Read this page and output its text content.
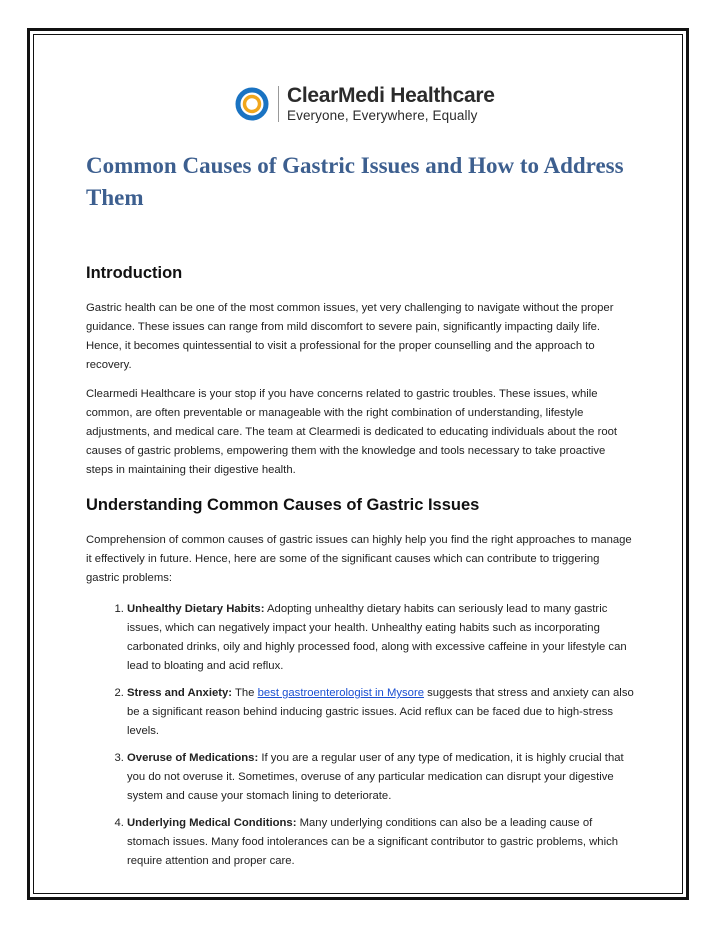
ClearMedi Healthcare
Everyone, Everywhere, Equally
Common Causes of Gastric Issues and How to Address Them
Introduction

Gastric health can be one of the most common issues, yet very challenging to navigate without the proper guidance. These issues can range from mild discomfort to severe pain, significantly impacting daily life. Hence, it becomes quintessential to visit a professional for the proper counselling and the approach to recovery.

Clearmedi Healthcare is your stop if you have concerns related to gastric troubles. These issues, while common, are often preventable or manageable with the right combination of understanding, lifestyle adjustments, and medical care. The team at Clearmedi is dedicated to educating individuals about the root causes of gastric problems, empowering them with the knowledge and tools necessary to take proactive steps in maintaining their digestive health.

Understanding Common Causes of Gastric Issues

Comprehension of common causes of gastric issues can highly help you find the right approaches to manage it effectively in future. Hence, here are some of the significant causes which can contribute to triggering gastric problems:

1. Unhealthy Dietary Habits: Adopting unhealthy dietary habits can seriously lead to many gastric issues, which can negatively impact your health. Unhealthy eating habits such as incorporating carbonated drinks, oily and highly processed food, along with excessive caffeine in your lifestyle can lead to bloating and acid reflux.
2. Stress and Anxiety: The best gastroenterologist in Mysore suggests that stress and anxiety can also be a significant reason behind inducing gastric issues. Acid reflux can be faced due to high-stress levels.
3. Overuse of Medications: If you are a regular user of any type of medication, it is highly crucial that you do not overuse it. Sometimes, overuse of any particular medication can disrupt your digestive system and cause your stomach lining to deteriorate.
4. Underlying Medical Conditions: Many underlying conditions can also be a leading cause of stomach issues. Many food intolerances can be a significant contributor to gastric problems, which require attention and proper care.
